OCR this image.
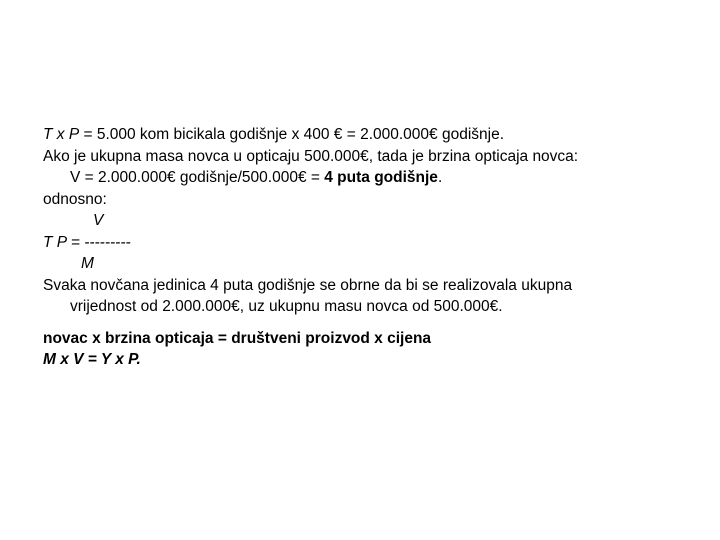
T x P = 5.000 kom bicikala godišnje x 400 € = 2.000.000€ godišnje.

Ako je ukupna masa novca u opticaju 500.000€, tada je brzina opticaja novca:

V = 2.000.000€ godišnje/500.000€ = 4 puta godišnje.

odnosno:

V

T P = ---------

M

Svaka novčana jedinica 4 puta godišnje se obrne da bi se realizovala ukupna

vrijednost od 2.000.000€, uz ukupnu masu novca od 500.000€.

novac x brzina opticaja = društveni proizvod x cijena

M x V = Y x P.
